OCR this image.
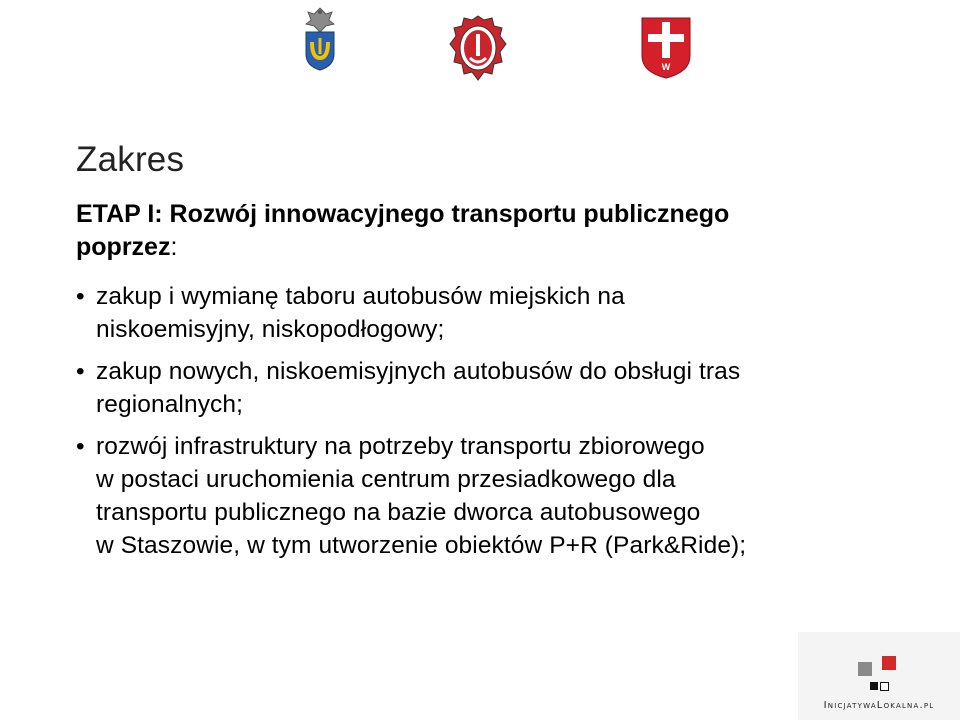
W
Zakres
ETAP I: Rozwój innowacyjnego transportu publicznego poprzez:
• zakup i wymianę taboru autobusów miejskich na
niskoemisyjny, niskopodłogowy;
• zakup nowych, niskoemisyjnych autobusów do obsługi tras
regionalnych;
• rozwój infrastruktury na potrzeby transportu zbiorowego
w postaci uruchomienia centrum przesiadkowego dla
transportu publicznego na bazie dworca autobusowego
w Staszowie, w tym utworzenie obiektów P+R (Park&Ride);
InicjatywaLokalna.pl
